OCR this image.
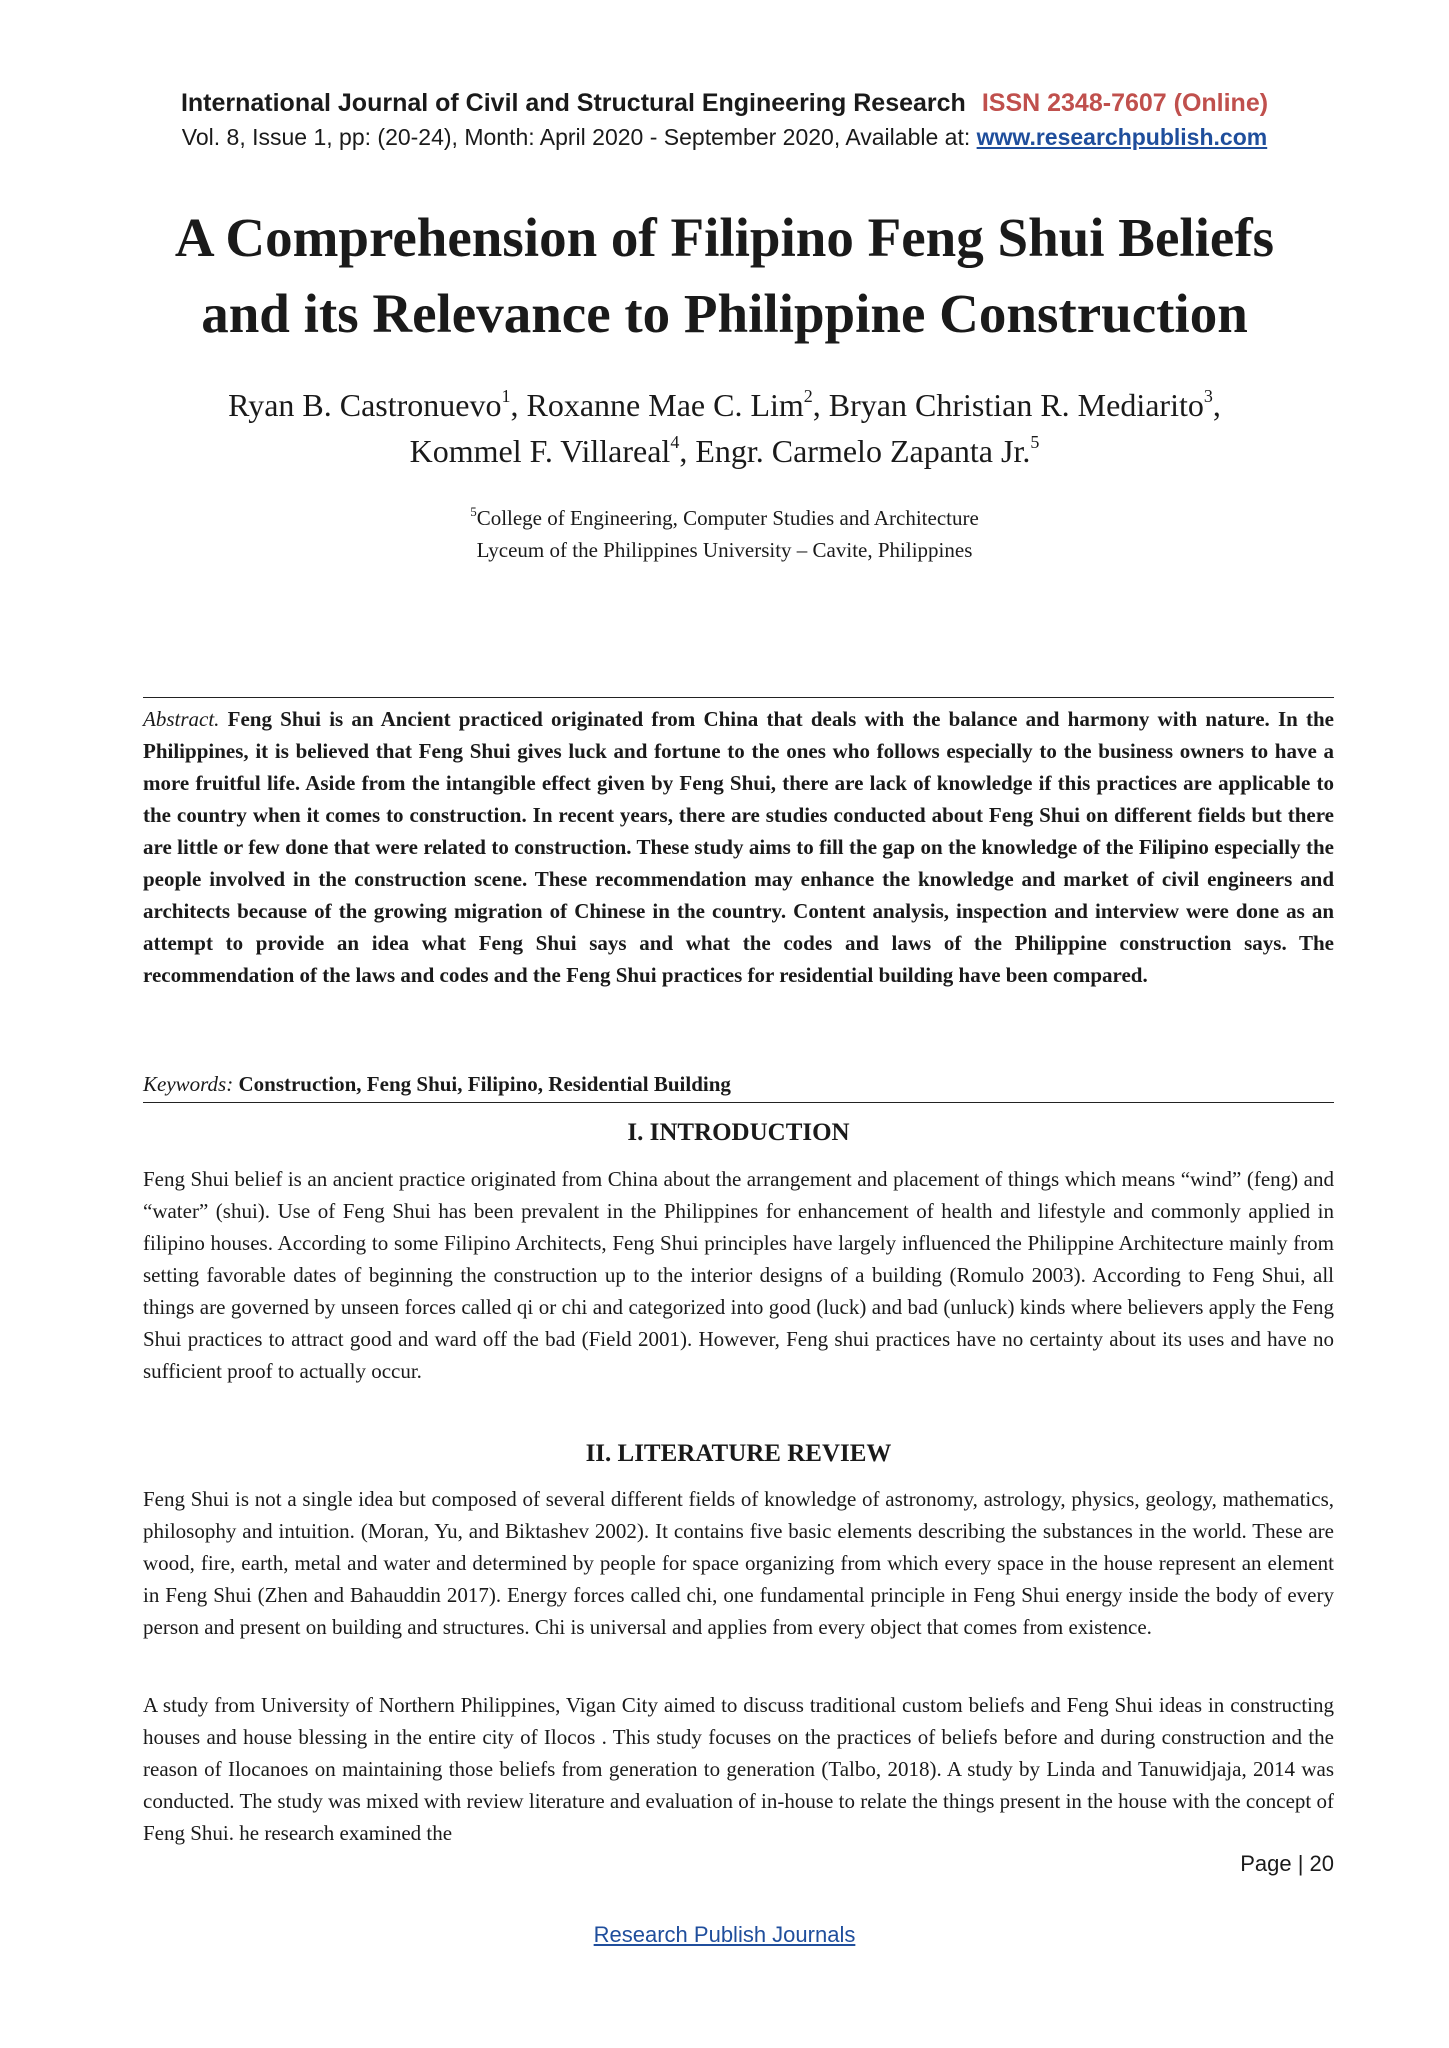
International Journal of Civil and Structural Engineering Research ISSN 2348-7607 (Online)
Vol. 8, Issue 1, pp: (20-24), Month: April 2020 - September 2020, Available at: www.researchpublish.com
A Comprehension of Filipino Feng Shui Beliefs
and its Relevance to Philippine Construction
Ryan B. Castronuevo$^1$, Roxanne Mae C. Lim$^2$, Bryan Christian R. Mediarito$^3$,
Kommel F. Villareal$^4$, Engr. Carmelo Zapanta Jr.$^5$
$^5$College of Engineering, Computer Studies and Architecture
Lyceum of the Philippines University – Cavite, Philippines
Abstract. Feng Shui is an Ancient practiced originated from China that deals with the balance and harmony with nature. In the Philippines, it is believed that Feng Shui gives luck and fortune to the ones who follows especially to the business owners to have a more fruitful life. Aside from the intangible effect given by Feng Shui, there are lack of knowledge if this practices are applicable to the country when it comes to construction. In recent years, there are studies conducted about Feng Shui on different fields but there are little or few done that were related to construction. These study aims to fill the gap on the knowledge of the Filipino especially the people involved in the construction scene. These recommendation may enhance the knowledge and market of civil engineers and architects because of the growing migration of Chinese in the country. Content analysis, inspection and interview were done as an attempt to provide an idea what Feng Shui says and what the codes and laws of the Philippine construction says. The recommendation of the laws and codes and the Feng Shui practices for residential building have been compared.
Keywords: Construction, Feng Shui, Filipino, Residential Building
I. INTRODUCTION

Feng Shui belief is an ancient practice originated from China about the arrangement and placement of things which means “wind” (feng) and “water” (shui). Use of Feng Shui has been prevalent in the Philippines for enhancement of health and lifestyle and commonly applied in filipino houses. According to some Filipino Architects, Feng Shui principles have largely influenced the Philippine Architecture mainly from setting favorable dates of beginning the construction up to the interior designs of a building (Romulo 2003). According to Feng Shui, all things are governed by unseen forces called qi or chi and categorized into good (luck) and bad (unluck) kinds where believers apply the Feng Shui practices to attract good and ward off the bad (Field 2001). However, Feng shui practices have no certainty about its uses and have no sufficient proof to actually occur.

II. LITERATURE REVIEW

Feng Shui is not a single idea but composed of several different fields of knowledge of astronomy, astrology, physics, geology, mathematics, philosophy and intuition. (Moran, Yu, and Biktashev 2002). It contains five basic elements describing the substances in the world. These are wood, fire, earth, metal and water and determined by people for space organizing from which every space in the house represent an element in Feng Shui (Zhen and Bahauddin 2017). Energy forces called chi, one fundamental principle in Feng Shui energy inside the body of every person and present on building and structures. Chi is universal and applies from every object that comes from existence.

A study from University of Northern Philippines, Vigan City aimed to discuss traditional custom beliefs and Feng Shui ideas in constructing houses and house blessing in the entire city of Ilocos . This study focuses on the practices of beliefs before and during construction and the reason of Ilocanoes on maintaining those beliefs from generation to generation (Talbo, 2018). A study by Linda and Tanuwidjaja, 2014 was conducted. The study was mixed with review literature and evaluation of in-house to relate the things present in the house with the concept of Feng Shui. he research examined the

Page | 20
Research Publish Journals
